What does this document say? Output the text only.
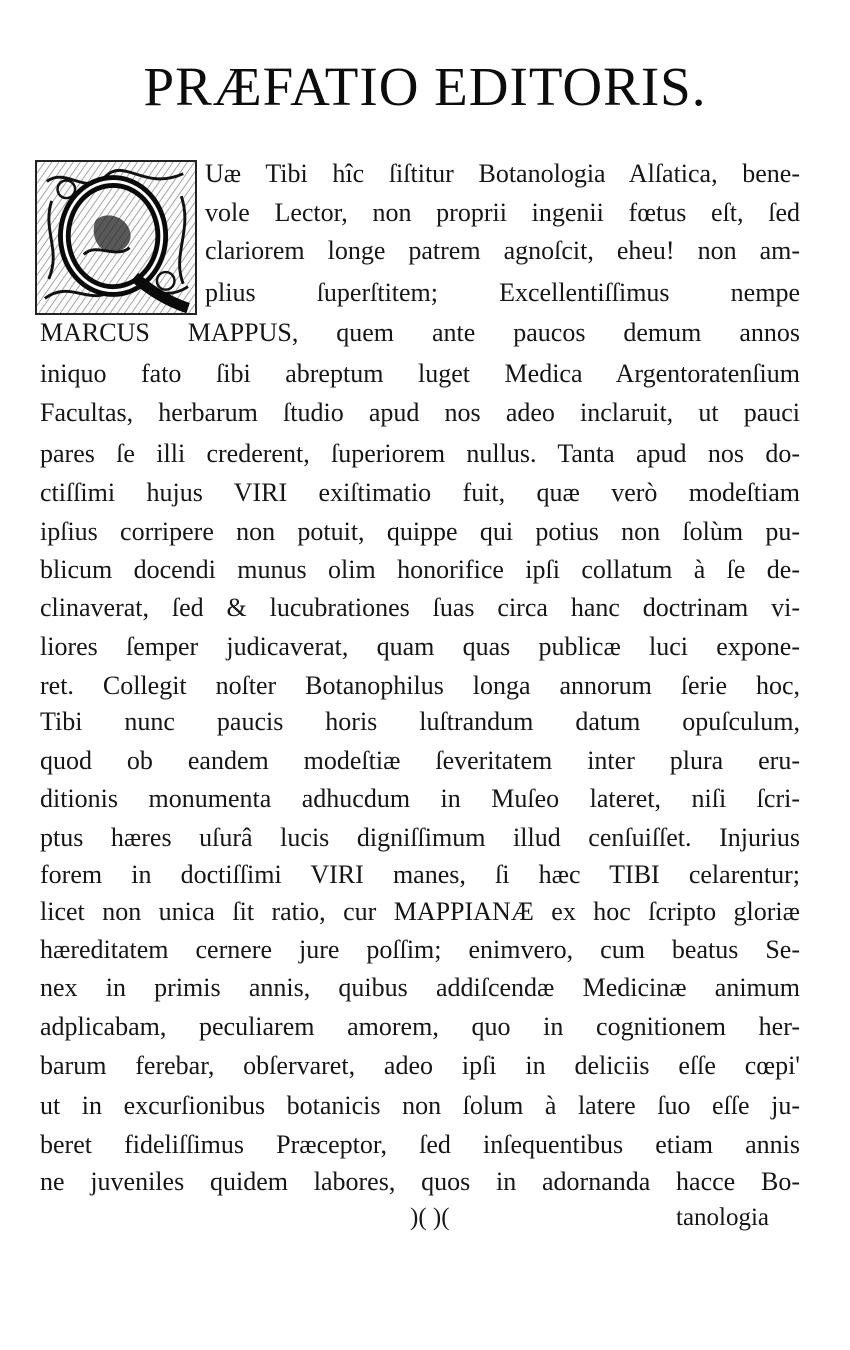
PRÆFATIO EDITORIS.
Uæ Tibi hîc ſiſtitur Botanologia Alſatica, bene-
vole Lector, non proprii ingenii fœtus eſt, ſed
clariorem longe patrem agnoſcit, eheu! non am-
plius ſuperſtitem; Excellentiſſimus nempe
MARCUS MAPPUS, quem ante paucos demum annos
iniquo fato ſibi abreptum luget Medica Argentoratenſium
Facultas, herbarum ſtudio apud nos adeo inclaruit, ut pauci
pares ſe illi crederent, ſuperiorem nullus. Tanta apud nos do-
ctiſſimi hujus VIRI exiſtimatio fuit, quæ verò modeſtiam
ipſius corripere non potuit, quippe qui potius non ſolùm pu-
blicum docendi munus olim honorifice ipſi collatum à ſe de-
clinaverat, ſed & lucubrationes ſuas circa hanc doctrinam vi-
liores ſemper judicaverat, quam quas publicæ luci expone-
ret. Collegit noſter Botanophilus longa annorum ſerie hoc,
Tibi nunc paucis horis luſtrandum datum opuſculum,
quod ob eandem modeſtiæ ſeveritatem inter plura eru-
ditionis monumenta adhucdum in Muſeo lateret, niſi ſcri-
ptus hæres uſurâ lucis digniſſimum illud cenſuiſſet. Injurius
forem in doctiſſimi VIRI manes, ſi hæc TIBI celarentur;
licet non unica ſit ratio, cur MAPPIANÆ ex hoc ſcripto gloriæ
hæreditatem cernere jure poſſim; enimvero, cum beatus Se-
nex in primis annis, quibus addiſcendæ Medicinæ animum
adplicabam, peculiarem amorem, quo in cognitionem her-
barum ferebar, obſervaret, adeo ipſi in deliciis eſſe cœpi'
ut in excurſionibus botanicis non ſolum à latere ſuo eſſe ju-
beret fideliſſimus Præceptor, ſed inſequentibus etiam annis
ne juveniles quidem labores, quos in adornanda hacce Bo-
)( )(	tanologia
